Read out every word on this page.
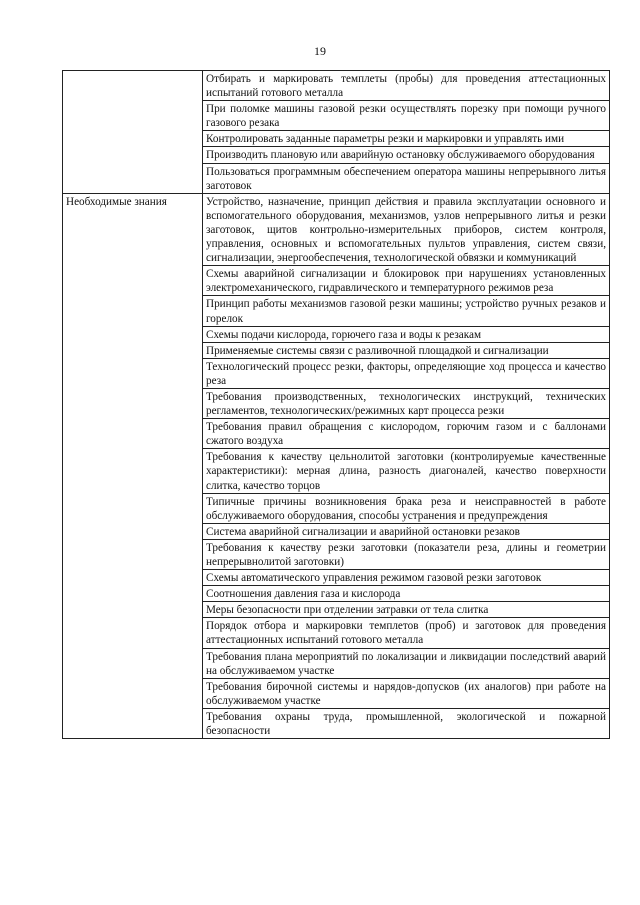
19
	Отбирать и маркировать темплеты (пробы) для проведения аттестационных испытаний готового металла
	При поломке машины газовой резки осуществлять порезку при помощи ручного газового резака
	Контролировать заданные параметры резки и маркировки и управлять ими
	Производить плановую или аварийную остановку обслуживаемого оборудования
	Пользоваться программным обеспечением оператора машины непрерывного литья заготовок
Необходимые знания	Устройство, назначение, принцип действия и правила эксплуатации основного и вспомогательного оборудования, механизмов, узлов непрерывного литья и резки заготовок, щитов контрольно-измерительных приборов, систем контроля, управления, основных и вспомогательных пультов управления, систем связи, сигнализации, энергообеспечения, технологической обвязки и коммуникаций
	Схемы аварийной сигнализации и блокировок при нарушениях установленных электромеханического, гидравлического и температурного режимов реза
	Принцип работы механизмов газовой резки машины; устройство ручных резаков и горелок
	Схемы подачи кислорода, горючего газа и воды к резакам
	Применяемые системы связи с разливочной площадкой и сигнализации
	Технологический процесс резки, факторы, определяющие ход процесса и качество реза
	Требования производственных, технологических инструкций, технических регламентов, технологических/режимных карт процесса резки
	Требования правил обращения с кислородом, горючим газом и с баллонами сжатого воздуха
	Требования к качеству цельнолитой заготовки (контролируемые качественные характеристики): мерная длина, разность диагоналей, качество поверхности слитка, качество торцов
	Типичные причины возникновения брака реза и неисправностей в работе обслуживаемого оборудования, способы устранения и предупреждения
	Система аварийной сигнализации и аварийной остановки резаков
	Требования к качеству резки заготовки (показатели реза, длины и геометрии непрерывнолитой заготовки)
	Схемы автоматического управления режимом газовой резки заготовок
	Соотношения давления газа и кислорода
	Меры безопасности при отделении затравки от тела слитка
	Порядок отбора и маркировки темплетов (проб) и заготовок для проведения аттестационных испытаний готового металла
	Требования плана мероприятий по локализации и ликвидации последствий аварий на обслуживаемом участке
	Требования бирочной системы и нарядов-допусков (их аналогов) при работе на обслуживаемом участке
	Требования охраны труда, промышленной, экологической и пожарной безопасности
